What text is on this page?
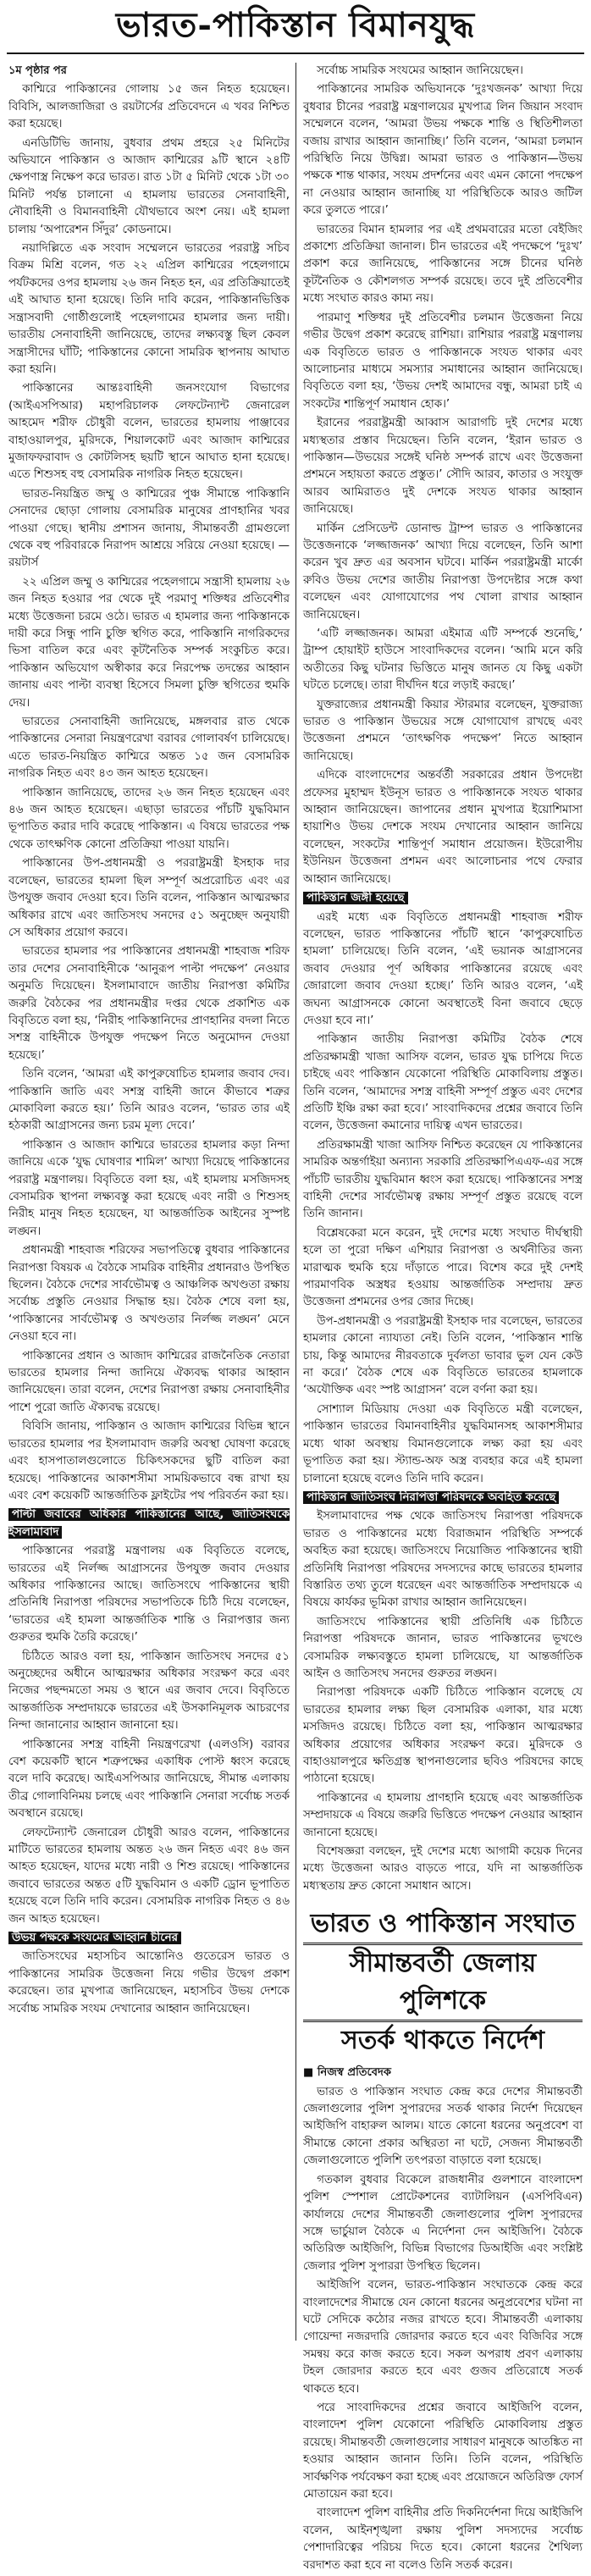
ভারত-পাকিস্তান বিমানযুদ্ধ
১ম পৃষ্ঠার পর

কাশ্মিরে পাকিস্তানের গোলায় ১৫ জন নিহত হয়েছেন। বিবিসি, আলজাজিরা ও রয়টার্সের প্রতিবেদনে এ খবর নিশ্চিত করা হয়েছে।

এনডিটিভি জানায়, বুধবার প্রথম প্রহরে ২৫ মিনিটের অভিযানে পাকিস্তান ও আজাদ কাশ্মিরের ৯টি স্থানে ২৪টি ক্ষেপণাস্ত্র নিক্ষেপ করে ভারত। রাত ১টা ৫ মিনিট থেকে ১টা ৩০ মিনিট পর্যন্ত চালানো এ হামলায় ভারতের সেনাবাহিনী, নৌবাহিনী ও বিমানবাহিনী যৌথভাবে অংশ নেয়। এই হামলা চালায় ‘অপারেশন সিঁদুর’ কোডনামে।

নয়াদিল্লিতে এক সংবাদ সম্মেলনে ভারতের পররাষ্ট্র সচিব বিক্রম মিশ্রি বলেন, গত ২২ এপ্রিল কাশ্মিরের পহেলগামে পর্যটকদের ওপর হামলায় ২৬ জন নিহত হন, এর প্রতিক্রিয়াতেই এই আঘাত হানা হয়েছে। তিনি দাবি করেন, পাকিস্তানভিত্তিক সন্ত্রাসবাদী গোষ্ঠীগুলোই পহেলগামের হামলার জন্য দায়ী। ভারতীয় সেনাবাহিনী জানিয়েছে, তাদের লক্ষ্যবস্তু ছিল কেবল সন্ত্রাসীদের ঘাঁটি; পাকিস্তানের কোনো সামরিক স্থাপনায় আঘাত করা হয়নি।

পাকিস্তানের আন্তঃবাহিনী জনসংযোগ বিভাগের (আইএসপিআর) মহাপরিচালক লেফটেন্যান্ট জেনারেল আহমেদ শরীফ চৌধুরী বলেন, ভারতের হামলায় পাঞ্জাবের বাহাওয়ালপুর, মুরিদকে, শিয়ালকোট এবং আজাদ কাশ্মিরের মুজাফফরাবাদ ও কোটলিসহ ছয়টি স্থানে আঘাত হানা হয়েছে। এতে শিশুসহ বহু বেসামরিক নাগরিক নিহত হয়েছেন।

ভারত-নিয়ন্ত্রিত জম্মু ও কাশ্মিরের পুঞ্চ সীমান্তে পাকিস্তানি সেনাদের ছোড়া গোলায় বেসামরিক মানুষের প্রাণহানির খবর পাওয়া গেছে। স্থানীয় প্রশাসন জানায়, সীমান্তবর্তী গ্রামগুলো থেকে বহু পরিবারকে নিরাপদ আশ্রয়ে সরিয়ে নেওয়া হয়েছে। — রয়টার্স

২২ এপ্রিল জম্মু ও কাশ্মিরের পহেলগামে সন্ত্রাসী হামলায় ২৬ জন নিহত হওয়ার পর থেকে দুই পরমাণু শক্তিধর প্রতিবেশীর মধ্যে উত্তেজনা চরমে ওঠে। ভারত এ হামলার জন্য পাকিস্তানকে দায়ী করে সিন্ধু পানি চুক্তি স্থগিত করে, পাকিস্তানি নাগরিকদের ভিসা বাতিল করে এবং কূটনৈতিক সম্পর্ক সংকুচিত করে। পাকিস্তান অভিযোগ অস্বীকার করে নিরপেক্ষ তদন্তের আহ্বান জানায় এবং পাল্টা ব্যবস্থা হিসেবে সিমলা চুক্তি স্থগিতের হুমকি দেয়।

ভারতের সেনাবাহিনী জানিয়েছে, মঙ্গলবার রাত থেকে পাকিস্তানের সেনারা নিয়ন্ত্রণরেখা বরাবর গোলাবর্ষণ চালিয়েছে। এতে ভারত-নিয়ন্ত্রিত কাশ্মিরে অন্তত ১৫ জন বেসামরিক নাগরিক নিহত এবং ৪৩ জন আহত হয়েছেন।

পাকিস্তান জানিয়েছে, তাদের ২৬ জন নিহত হয়েছেন এবং ৪৬ জন আহত হয়েছেন। এছাড়া ভারতের পাঁচটি যুদ্ধবিমান ভূপাতিত করার দাবি করেছে পাকিস্তান। এ বিষয়ে ভারতের পক্ষ থেকে তাৎক্ষণিক কোনো প্রতিক্রিয়া পাওয়া যায়নি।

পাকিস্তানের উপ-প্রধানমন্ত্রী ও পররাষ্ট্রমন্ত্রী ইসহাক দার বলেছেন, ভারতের হামলা ছিল সম্পূর্ণ অপ্ররোচিত এবং এর উপযুক্ত জবাব দেওয়া হবে। তিনি বলেন, পাকিস্তান আত্মরক্ষার অধিকার রাখে এবং জাতিসংঘ সনদের ৫১ অনুচ্ছেদ অনুযায়ী সে অধিকার প্রয়োগ করবে।

ভারতের হামলার পর পাকিস্তানের প্রধানমন্ত্রী শাহবাজ শরিফ তার দেশের সেনাবাহিনীকে ‘আনুরূপ পাল্টা পদক্ষেপ’ নেওয়ার অনুমতি দিয়েছেন। ইসলামাবাদে জাতীয় নিরাপত্তা কমিটির জরুরি বৈঠকের পর প্রধানমন্ত্রীর দপ্তর থেকে প্রকাশিত এক বিবৃতিতে বলা হয়, ‘নিরীহ পাকিস্তানিদের প্রাণহানির বদলা নিতে সশস্ত্র বাহিনীকে উপযুক্ত পদক্ষেপ নিতে অনুমোদন দেওয়া হয়েছে।’

তিনি বলেন, ‘আমরা এই কাপুরুষোচিত হামলার জবাব দেব। পাকিস্তানি জাতি এবং সশস্ত্র বাহিনী জানে কীভাবে শত্রুর মোকাবিলা করতে হয়।’ তিনি আরও বলেন, ‘ভারত তার এই হঠকারী আগ্রাসনের জন্য চরম মূল্য দেবে।’

পাকিস্তান ও আজাদ কাশ্মিরে ভারতের হামলার কড়া নিন্দা জানিয়ে একে ‘যুদ্ধ ঘোষণার শামিল’ আখ্যা দিয়েছে পাকিস্তানের পররাষ্ট্র মন্ত্রণালয়। বিবৃতিতে বলা হয়, এই হামলায় মসজিদসহ বেসামরিক স্থাপনা লক্ষ্যবস্তু করা হয়েছে এবং নারী ও শিশুসহ নিরীহ মানুষ নিহত হয়েছেন, যা আন্তর্জাতিক আইনের সুস্পষ্ট লঙ্ঘন।

প্রধানমন্ত্রী শাহবাজ শরিফের সভাপতিত্বে বুধবার পাকিস্তানের নিরাপত্তা বিষয়ক এ বৈঠকে সামরিক বাহিনীর প্রধানরাও উপস্থিত ছিলেন। বৈঠকে দেশের সার্বভৌমত্ব ও আঞ্চলিক অখণ্ডতা রক্ষায় সর্বোচ্চ প্রস্তুতি নেওয়ার সিদ্ধান্ত হয়। বৈঠক শেষে বলা হয়, ‘পাকিস্তানের সার্বভৌমত্ব ও অখণ্ডতার নির্লজ্জ লঙ্ঘন’ মেনে নেওয়া হবে না।

পাকিস্তানের প্রধান ও আজাদ কাশ্মিরের রাজনৈতিক নেতারা ভারতের হামলার নিন্দা জানিয়ে ঐক্যবদ্ধ থাকার আহ্বান জানিয়েছেন। তারা বলেন, দেশের নিরাপত্তা রক্ষায় সেনাবাহিনীর পাশে পুরো জাতি ঐক্যবদ্ধ রয়েছে।

বিবিসি জানায়, পাকিস্তান ও আজাদ কাশ্মিরের বিভিন্ন স্থানে ভারতের হামলার পর ইসলামাবাদ জরুরি অবস্থা ঘোষণা করেছে এবং হাসপাতালগুলোতে চিকিৎসকদের ছুটি বাতিল করা হয়েছে। পাকিস্তানের আকাশসীমা সাময়িকভাবে বন্ধ রাখা হয় এবং বেশ কয়েকটি আন্তর্জাতিক ফ্লাইটের পথ পরিবর্তন করা হয়।

পাল্টা জবাবের অধিকার পাকিস্তানের আছে, জাতিসংঘকে ইসলামাবাদ

পাকিস্তানের পররাষ্ট্র মন্ত্রণালয় এক বিবৃতিতে বলেছে, ভারতের এই নির্লজ্জ আগ্রাসনের উপযুক্ত জবাব দেওয়ার অধিকার পাকিস্তানের আছে। জাতিসংঘে পাকিস্তানের স্থায়ী প্রতিনিধি নিরাপত্তা পরিষদের সভাপতিকে চিঠি দিয়ে বলেছেন, ‘ভারতের এই হামলা আন্তর্জাতিক শান্তি ও নিরাপত্তার জন্য গুরুতর হুমকি তৈরি করেছে।’

চিঠিতে আরও বলা হয়, পাকিস্তান জাতিসংঘ সনদের ৫১ অনুচ্ছেদের অধীনে আত্মরক্ষার অধিকার সংরক্ষণ করে এবং নিজের পছন্দমতো সময় ও স্থানে এর জবাব দেবে। বিবৃতিতে আন্তর্জাতিক সম্প্রদায়কে ভারতের এই উসকানিমূলক আচরণের নিন্দা জানানোর আহ্বান জানানো হয়।

পাকিস্তানের সশস্ত্র বাহিনী নিয়ন্ত্রণরেখা (এলওসি) বরাবর বেশ কয়েকটি স্থানে শত্রুপক্ষের একাধিক পোস্ট ধ্বংস করেছে বলে দাবি করেছে। আইএসপিআর জানিয়েছে, সীমান্ত এলাকায় তীব্র গোলাবিনিময় চলছে এবং পাকিস্তানি সেনারা সর্বোচ্চ সতর্ক অবস্থানে রয়েছে।

লেফটেন্যান্ট জেনারেল চৌধুরী আরও বলেন, পাকিস্তানের মাটিতে ভারতের হামলায় অন্তত ২৬ জন নিহত এবং ৪৬ জন আহত হয়েছেন, যাদের মধ্যে নারী ও শিশু রয়েছে। পাকিস্তানের জবাবে ভারতের অন্তত ৫টি যুদ্ধবিমান ও একটি ড্রোন ভূপাতিত হয়েছে বলে তিনি দাবি করেন। বেসামরিক নাগরিক নিহত ও ৪৬ জন আহত হয়েছেন।

উভয় পক্ষকে সংযমের আহ্বান চীনের

জাতিসংঘের মহাসচিব আন্তোনিও গুতেরেস ভারত ও পাকিস্তানের সামরিক উত্তেজনা নিয়ে গভীর উদ্বেগ প্রকাশ করেছেন। তার মুখপাত্র জানিয়েছেন, মহাসচিব উভয় দেশকে সর্বোচ্চ সামরিক সংযম দেখানোর আহ্বান জানিয়েছেন।

সর্বোচ্চ সামরিক সংযমের আহ্বান জানিয়েছেন।

পাকিস্তানের সামরিক অভিযানকে ‘দুঃখজনক’ আখ্যা দিয়ে বুধবার চীনের পররাষ্ট্র মন্ত্রণালয়ের মুখপাত্র লিন জিয়ান সংবাদ সম্মেলনে বলেন, ‘আমরা উভয় পক্ষকে শান্তি ও স্থিতিশীলতা বজায় রাখার আহ্বান জানাচ্ছি।’ তিনি বলেন, ‘আমরা চলমান পরিস্থিতি নিয়ে উদ্বিগ্ন। আমরা ভারত ও পাকিস্তান—উভয় পক্ষকে শান্ত থাকার, সংযম প্রদর্শনের এবং এমন কোনো পদক্ষেপ না নেওয়ার আহ্বান জানাচ্ছি যা পরিস্থিতিকে আরও জটিল করে তুলতে পারে।’

ভারতের বিমান হামলার পর এই প্রথমবারের মতো বেইজিং প্রকাশ্যে প্রতিক্রিয়া জানাল। চীন ভারতের এই পদক্ষেপে ‘দুঃখ’ প্রকাশ করে জানিয়েছে, পাকিস্তানের সঙ্গে চীনের ঘনিষ্ঠ কূটনৈতিক ও কৌশলগত সম্পর্ক রয়েছে। তবে দুই প্রতিবেশীর মধ্যে সংঘাত কারও কাম্য নয়।

পারমাণু শক্তিধর দুই প্রতিবেশীর চলমান উত্তেজনা নিয়ে গভীর উদ্বেগ প্রকাশ করেছে রাশিয়া। রাশিয়ার পররাষ্ট্র মন্ত্রণালয় এক বিবৃতিতে ভারত ও পাকিস্তানকে সংযত থাকার এবং আলোচনার মাধ্যমে সমস্যার সমাধানের আহ্বান জানিয়েছে। বিবৃতিতে বলা হয়, ‘উভয় দেশই আমাদের বন্ধু, আমরা চাই এ সংকটের শান্তিপূর্ণ সমাধান হোক।’

ইরানের পররাষ্ট্রমন্ত্রী আব্বাস আরাগচি দুই দেশের মধ্যে মধ্যস্থতার প্রস্তাব দিয়েছেন। তিনি বলেন, ‘ইরান ভারত ও পাকিস্তান—উভয়ের সঙ্গেই ঘনিষ্ঠ সম্পর্ক রাখে এবং উত্তেজনা প্রশমনে সহায়তা করতে প্রস্তুত।’ সৌদি আরব, কাতার ও সংযুক্ত আরব আমিরাতও দুই দেশকে সংযত থাকার আহ্বান জানিয়েছে।

মার্কিন প্রেসিডেন্ট ডোনাল্ড ট্রাম্প ভারত ও পাকিস্তানের উত্তেজনাকে ‘লজ্জাজনক’ আখ্যা দিয়ে বলেছেন, তিনি আশা করেন খুব দ্রুত এর অবসান ঘটবে। মার্কিন পররাষ্ট্রমন্ত্রী মার্কো রুবিও উভয় দেশের জাতীয় নিরাপত্তা উপদেষ্টার সঙ্গে কথা বলেছেন এবং যোগাযোগের পথ খোলা রাখার আহ্বান জানিয়েছেন।

‘এটি লজ্জাজনক। আমরা এইমাত্র এটি সম্পর্কে শুনেছি,’ ট্রাম্প হোয়াইট হাউসে সাংবাদিকদের বলেন। ‘আমি মনে করি অতীতের কিছু ঘটনার ভিত্তিতে মানুষ জানত যে কিছু একটা ঘটতে চলেছে। তারা দীর্ঘদিন ধরে লড়াই করছে।’

যুক্তরাজ্যের প্রধানমন্ত্রী কিয়ার স্টারমার বলেছেন, যুক্তরাজ্য ভারত ও পাকিস্তান উভয়ের সঙ্গে যোগাযোগ রাখছে এবং উত্তেজনা প্রশমনে ‘তাৎক্ষণিক পদক্ষেপ’ নিতে আহ্বান জানিয়েছে।

এদিকে বাংলাদেশের অন্তর্বর্তী সরকারের প্রধান উপদেষ্টা প্রফেসর মুহাম্মদ ইউনূস ভারত ও পাকিস্তানকে সংযত থাকার আহ্বান জানিয়েছেন। জাপানের প্রধান মুখপাত্র ইয়োশিমাসা হায়াশিও উভয় দেশকে সংযম দেখানোর আহ্বান জানিয়ে বলেছেন, সংকটের শান্তিপূর্ণ সমাধান প্রয়োজন। ইউরোপীয় ইউনিয়ন উত্তেজনা প্রশমন এবং আলোচনার পথে ফেরার আহ্বান জানিয়েছে।

পাকিস্তান জঙ্গী হয়েছে

এরই মধ্যে এক বিবৃতিতে প্রধানমন্ত্রী শাহবাজ শরীফ বলেছেন, ভারত পাকিস্তানের পাঁচটি স্থানে ‘কাপুরুষোচিত হামলা’ চালিয়েছে। তিনি বলেন, ‘এই ভয়ানক আগ্রাসনের জবাব দেওয়ার পূর্ণ অধিকার পাকিস্তানের রয়েছে এবং জোরালো জবাব দেওয়া হচ্ছে।’ তিনি আরও বলেন, ‘এই জঘন্য আগ্রাসনকে কোনো অবস্থাতেই বিনা জবাবে ছেড়ে দেওয়া হবে না।’

পাকিস্তান জাতীয় নিরাপত্তা কমিটির বৈঠক শেষে প্রতিরক্ষামন্ত্রী খাজা আসিফ বলেন, ভারত যুদ্ধ চাপিয়ে দিতে চাইছে এবং পাকিস্তান যেকোনো পরিস্থিতি মোকাবিলায় প্রস্তুত। তিনি বলেন, ‘আমাদের সশস্ত্র বাহিনী সম্পূর্ণ প্রস্তুত এবং দেশের প্রতিটি ইঞ্চি রক্ষা করা হবে।’ সাংবাদিকদের প্রশ্নের জবাবে তিনি বলেন, উত্তেজনা কমানোর দায়িত্ব এখন ভারতের।

প্রতিরক্ষামন্ত্রী খাজা আসিফ নিশ্চিত করেছেন যে পাকিস্তানের সামরিক অন্তর্গাইয়া অন্যান্য সরকারি প্রতিরক্ষাপিএএফ-এর সঙ্গে পাঁচটি ভারতীয় যুদ্ধবিমান ধ্বংস করা হয়েছে। পাকিস্তানের সশস্ত্র বাহিনী দেশের সার্বভৌমত্ব রক্ষায় সম্পূর্ণ প্রস্তুত রয়েছে বলে তিনি জানান।

বিশ্লেষকেরা মনে করেন, দুই দেশের মধ্যে সংঘাত দীর্ঘস্থায়ী হলে তা পুরো দক্ষিণ এশিয়ার নিরাপত্তা ও অর্থনীতির জন্য মারাত্মক হুমকি হয়ে দাঁড়াতে পারে। বিশেষ করে দুই দেশই পারমাণবিক অস্ত্রধর হওয়ায় আন্তর্জাতিক সম্প্রদায় দ্রুত উত্তেজনা প্রশমনের ওপর জোর দিচ্ছে।

উপ-প্রধানমন্ত্রী ও পররাষ্ট্রমন্ত্রী ইসহাক দার বলেছেন, ভারতের হামলার কোনো ন্যায্যতা নেই। তিনি বলেন, ‘পাকিস্তান শান্তি চায়, কিন্তু আমাদের নীরবতাকে দুর্বলতা ভাবার ভুল যেন কেউ না করে।’ বৈঠক শেষে এক বিবৃতিতে ভারতের হামলাকে ‘অযৌক্তিক এবং স্পষ্ট আগ্রাসন’ বলে বর্ণনা করা হয়।

সোশ্যাল মিডিয়ায় দেওয়া এক বিবৃতিতে মন্ত্রী বলেছেন, পাকিস্তান ভারতের বিমানবাহিনীর যুদ্ধবিমানসহ আকাশসীমার মধ্যে থাকা অবস্থায় বিমানগুলোকে লক্ষ্য করা হয় এবং ভূপাতিত করা হয়। স্ট্যান্ড-অফ অস্ত্র ব্যবহার করে এই হামলা চালানো হয়েছে বলেও তিনি দাবি করেন।

পাকিস্তান জাতিসংঘ নিরাপত্তা পরিষদকে অবহিত করেছে

ইসলামাবাদের পক্ষ থেকে জাতিসংঘ নিরাপত্তা পরিষদকে ভারত ও পাকিস্তানের মধ্যে বিরাজমান পরিস্থিতি সম্পর্কে অবহিত করা হয়েছে। জাতিসংঘে নিয়োজিত পাকিস্তানের স্থায়ী প্রতিনিধি নিরাপত্তা পরিষদের সদস্যদের কাছে ভারতের হামলার বিস্তারিত তথ্য তুলে ধরেছেন এবং আন্তর্জাতিক সম্প্রদায়কে এ বিষয়ে কার্যকর ভূমিকা রাখার আহ্বান জানিয়েছেন।

জাতিসংঘে পাকিস্তানের স্থায়ী প্রতিনিধি এক চিঠিতে নিরাপত্তা পরিষদকে জানান, ভারত পাকিস্তানের ভূখণ্ডে বেসামরিক লক্ষ্যবস্তুতে হামলা চালিয়েছে, যা আন্তর্জাতিক আইন ও জাতিসংঘ সনদের গুরুতর লঙ্ঘন।

নিরাপত্তা পরিষদকে একটি চিঠিতে পাকিস্তান বলেছে যে ভারতের হামলার লক্ষ্য ছিল বেসামরিক এলাকা, যার মধ্যে মসজিদও রয়েছে। চিঠিতে বলা হয়, পাকিস্তান আত্মরক্ষার অধিকার প্রয়োগের অধিকার সংরক্ষণ করে। মুরিদকে ও বাহাওয়ালপুরে ক্ষতিগ্রস্ত স্থাপনাগুলোর ছবিও পরিষদের কাছে পাঠানো হয়েছে।

পাকিস্তানের এ হামলায় প্রাণহানি হয়েছে এবং আন্তর্জাতিক সম্প্রদায়কে এ বিষয়ে জরুরি ভিত্তিতে পদক্ষেপ নেওয়ার আহ্বান জানানো হয়েছে।

বিশেষজ্ঞরা বলছেন, দুই দেশের মধ্যে আগামী কয়েক দিনের মধ্যে উত্তেজনা আরও বাড়তে পারে, যদি না আন্তর্জাতিক মধ্যস্থতায় দ্রুত কোনো সমাধান আসে।

ভারত ও পাকিস্তান সংঘাত
সীমান্তবর্তী জেলায় পুলিশকে
সতর্ক থাকতে নির্দেশ
■ নিজস্ব প্রতিবেদক

ভারত ও পাকিস্তান সংঘাত কেন্দ্র করে দেশের সীমান্তবর্তী জেলাগুলোর পুলিশ সুপারদের সতর্ক থাকার নির্দেশ দিয়েছেন আইজিপি বাহারুল আলম। যাতে কোনো ধরনের অনুপ্রবেশ বা সীমান্তে কোনো প্রকার অস্থিরতা না ঘটে, সেজন্য সীমান্তবর্তী জেলাগুলোতে পুলিশি তৎপরতা বাড়াতে বলা হয়েছে।

গতকাল বুধবার বিকেলে রাজধানীর গুলশানে বাংলাদেশ পুলিশ স্পেশাল প্রোটেকশনের ব্যাটালিয়ন (এসপিবিএন) কার্যালয়ে দেশের সীমান্তবর্তী জেলাগুলোর পুলিশ সুপারদের সঙ্গে ভার্চুয়াল বৈঠকে এ নির্দেশনা দেন আইজিপি। বৈঠকে অতিরিক্ত আইজিপি, বিভিন্ন বিভাগের ডিআইজি এবং সংশ্লিষ্ট জেলার পুলিশ সুপাররা উপস্থিত ছিলেন।

আইজিপি বলেন, ভারত-পাকিস্তান সংঘাতকে কেন্দ্র করে বাংলাদেশের সীমান্তে যেন কোনো ধরনের অনুপ্রবেশের ঘটনা না ঘটে সেদিকে কঠোর নজর রাখতে হবে। সীমান্তবর্তী এলাকায় গোয়েন্দা নজরদারি জোরদার করতে হবে এবং বিজিবির সঙ্গে সমন্বয় করে কাজ করতে হবে। সকল অপরাধ প্রবণ এলাকায় টহল জোরদার করতে হবে এবং গুজব প্রতিরোধে সতর্ক থাকতে হবে।

পরে সাংবাদিকদের প্রশ্নের জবাবে আইজিপি বলেন, বাংলাদেশ পুলিশ যেকোনো পরিস্থিতি মোকাবিলায় প্রস্তুত রয়েছে। সীমান্তবর্তী জেলাগুলোর সাধারণ মানুষকে আতঙ্কিত না হওয়ার আহ্বান জানান তিনি। তিনি বলেন, পরিস্থিতি সার্বক্ষণিক পর্যবেক্ষণ করা হচ্ছে এবং প্রয়োজনে অতিরিক্ত ফোর্স মোতায়েন করা হবে।

বাংলাদেশ পুলিশ বাহিনীর প্রতি দিকনির্দেশনা দিয়ে আইজিপি বলেন, আইনশৃঙ্খলা রক্ষায় পুলিশ সদস্যদের সর্বোচ্চ পেশাদারিত্বের পরিচয় দিতে হবে। কোনো ধরনের শৈথিল্য বরদাশত করা হবে না বলেও তিনি সতর্ক করেন।
